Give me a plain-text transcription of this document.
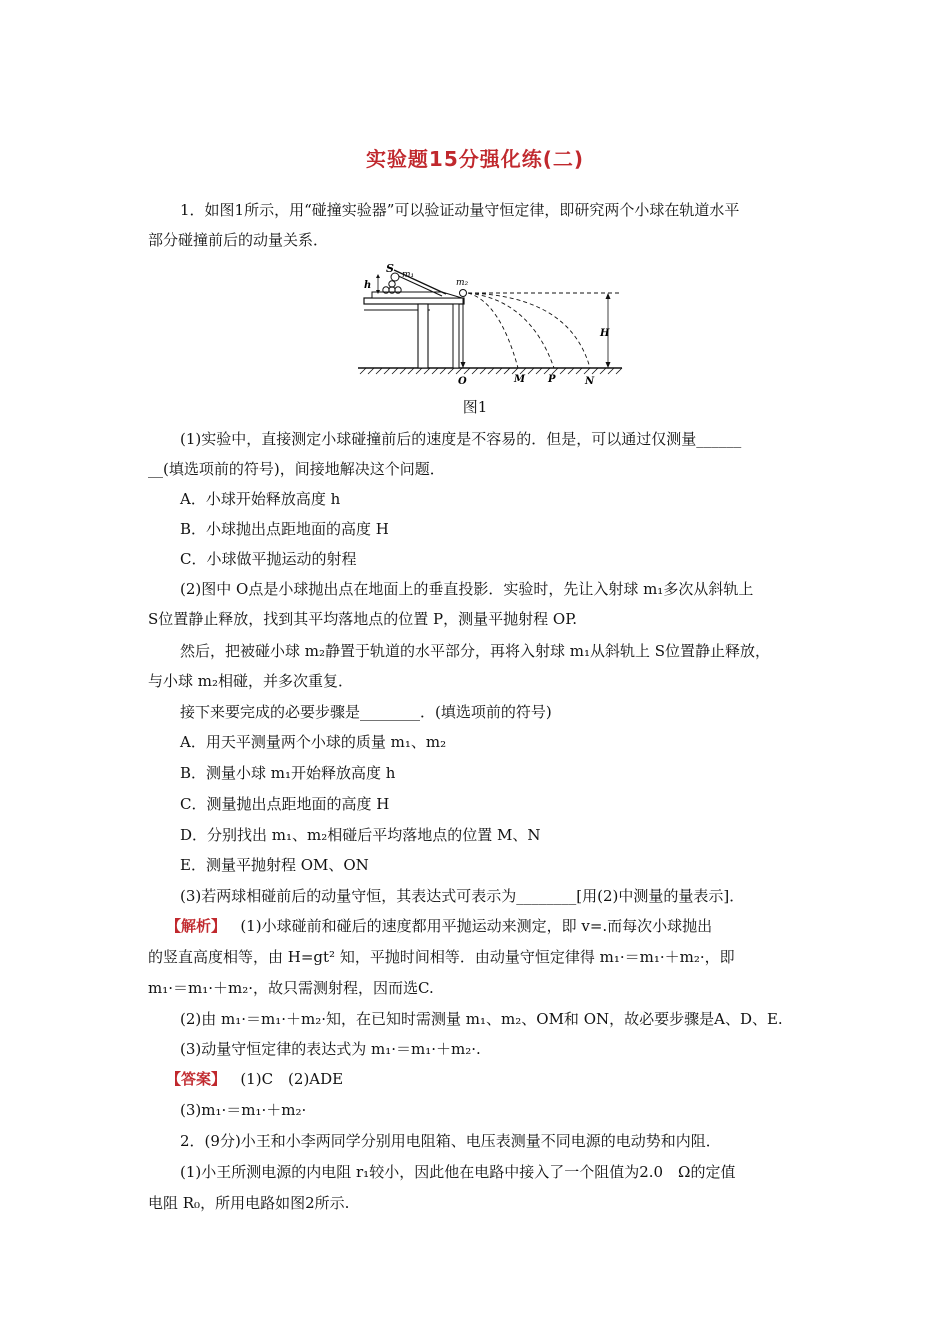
实验题15分强化练(二)
1．如图1所示，用“碰撞实验器”可以验证动量守恒定律，即研究两个小球在轨道水平
部分碰撞前后的动量关系．
S m₁
h	m₂
H
O	M P	N
图1
(1)实验中，直接测定小球碰撞前后的速度是不容易的．但是，可以通过仅测量______
__(填选项前的符号)，间接地解决这个问题．
A．小球开始释放高度 h
B．小球抛出点距地面的高度 H
C．小球做平抛运动的射程
(2)图中 O点是小球抛出点在地面上的垂直投影．实验时，先让入射球 m₁多次从斜轨上
S位置静止释放，找到其平均落地点的位置 P，测量平抛射程 OP.
然后，把被碰小球 m₂静置于轨道的水平部分，再将入射球 m₁从斜轨上 S位置静止释放，
与小球 m₂相碰，并多次重复．
接下来要完成的必要步骤是________．(填选项前的符号)
A．用天平测量两个小球的质量 m₁、m₂
B．测量小球 m₁开始释放高度 h
C．测量抛出点距地面的高度 H
D．分别找出 m₁、m₂相碰后平均落地点的位置 M、N
E．测量平抛射程 OM、ON
(3)若两球相碰前后的动量守恒，其表达式可表示为________[用(2)中测量的量表示]．
【解析】 (1)小球碰前和碰后的速度都用平抛运动来测定，即 v=.而每次小球抛出
的竖直高度相等，由 H=gt² 知，平抛时间相等．由动量守恒定律得 m₁·＝m₁·＋m₂·，即
m₁·＝m₁·＋m₂·，故只需测射程，因而选C.
(2)由 m₁·＝m₁·＋m₂·知，在已知时需测量 m₁、m₂、OM和 ON，故必要步骤是A、D、E.
(3)动量守恒定律的表达式为 m₁·＝m₁·＋m₂·.
【答案】 (1)C　(2)ADE
(3)m₁·＝m₁·＋m₂·
2．(9分)小王和小李两同学分别用电阻箱、电压表测量不同电源的电动势和内阻．
(1)小王所测电源的内电阻 r₁较小，因此他在电路中接入了一个阻值为2.0　Ω的定值
电阻 R₀，所用电路如图2所示.
